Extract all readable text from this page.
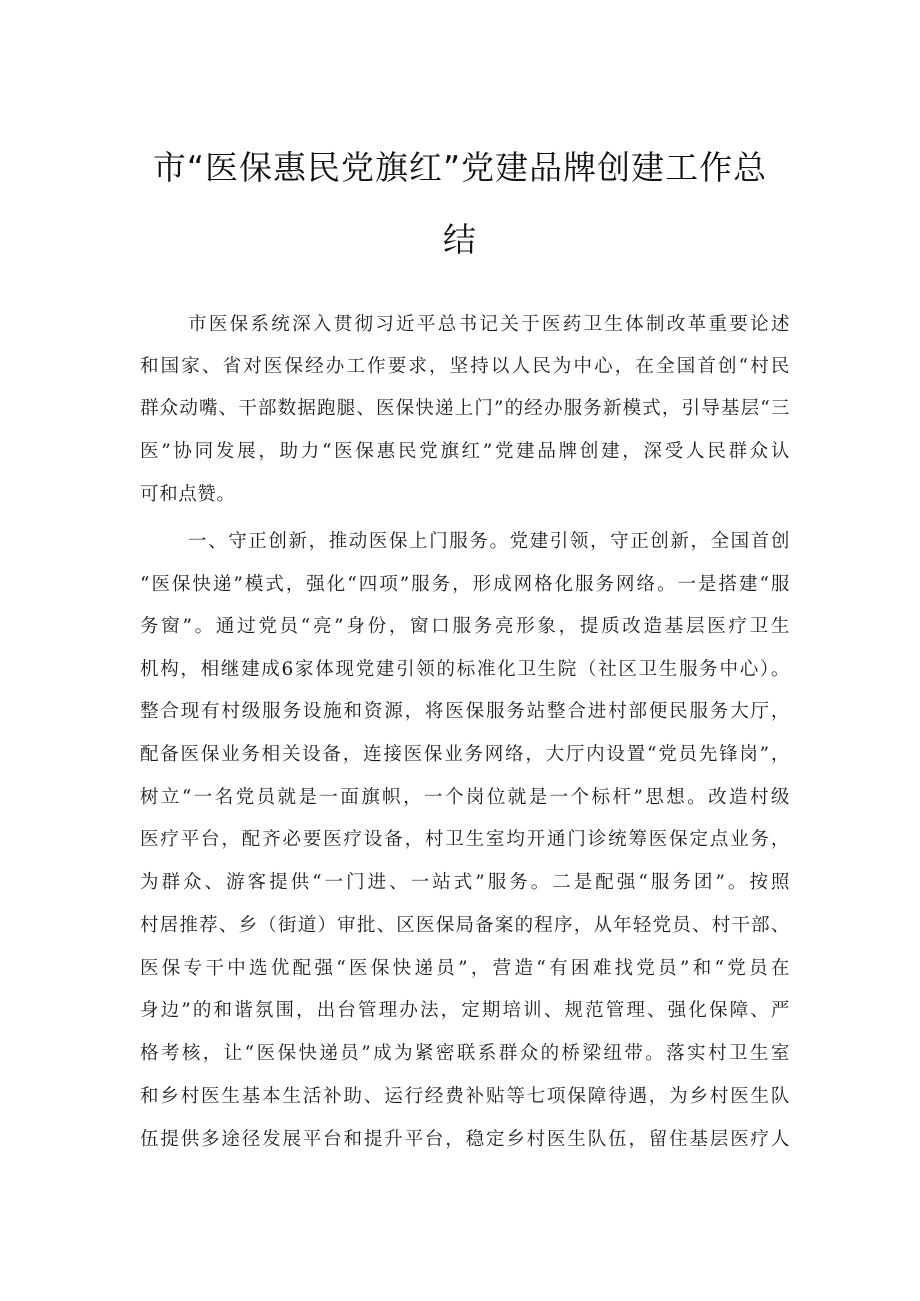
市“医保惠民党旗红”党建品牌创建工作总
结
市医保系统深入贯彻习近平总书记关于医药卫生体制改革重要论述
和国家、省对医保经办工作要求，坚持以人民为中心，在全国首创“村民
群众动嘴、干部数据跑腿、医保快递上门”的经办服务新模式，引导基层“三
医”协同发展，助力“医保惠民党旗红”党建品牌创建，深受人民群众认
可和点赞。
一、守正创新，推动医保上门服务。党建引领，守正创新，全国首创
“医保快递”模式，强化“四项”服务，形成网格化服务网络。一是搭建“服
务窗”。通过党员“亮”身份，窗口服务亮形象，提质改造基层医疗卫生
机构，相继建成6家体现党建引领的标准化卫生院（社区卫生服务中心）。
整合现有村级服务设施和资源，将医保服务站整合进村部便民服务大厅，
配备医保业务相关设备，连接医保业务网络，大厅内设置“党员先锋岗”，
树立“一名党员就是一面旗帜，一个岗位就是一个标杆”思想。改造村级
医疗平台，配齐必要医疗设备，村卫生室均开通门诊统筹医保定点业务，
为群众、游客提供“一门进、一站式”服务。二是配强“服务团”。按照
村居推荐、乡（街道）审批、区医保局备案的程序，从年轻党员、村干部、
医保专干中选优配强“医保快递员”，营造“有困难找党员”和“党员在
身边”的和谐氛围，出台管理办法，定期培训、规范管理、强化保障、严
格考核，让“医保快递员”成为紧密联系群众的桥梁纽带。落实村卫生室
和乡村医生基本生活补助、运行经费补贴等七项保障待遇，为乡村医生队
伍提供多途径发展平台和提升平台，稳定乡村医生队伍，留住基层医疗人
